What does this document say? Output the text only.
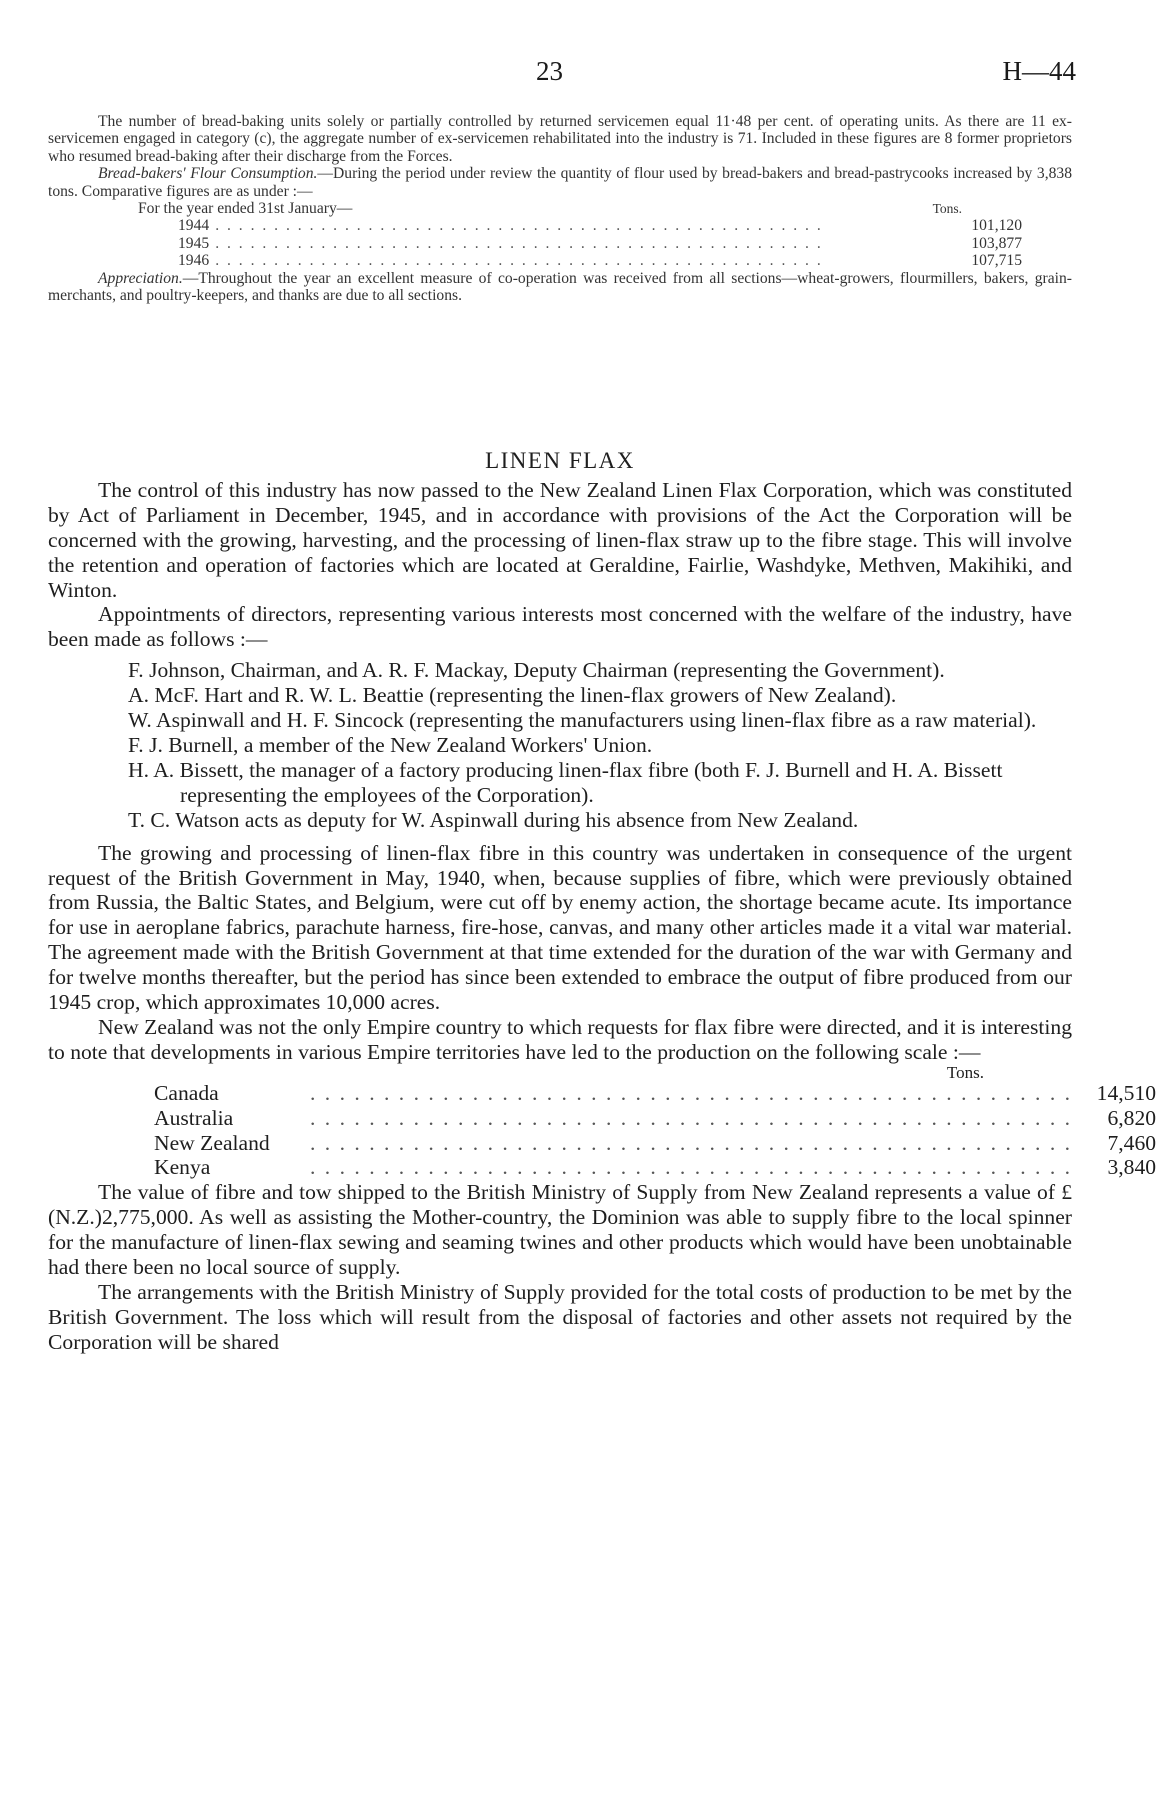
23	H—44

The number of bread-baking units solely or partially controlled by returned servicemen equal 11·48 per cent. of operating units. As there are 11 ex-servicemen engaged in category (c), the aggregate number of ex-servicemen rehabilitated into the industry is 71. Included in these figures are 8 former proprietors who resumed bread-baking after their discharge from the Forces.

Bread-bakers' Flour Consumption.—During the period under review the quantity of flour used by bread-bakers and bread-pastrycooks increased by 3,838 tons. Comparative figures are as under :—

For the year ended 31st January—	Tons.
1944 . . . . . . . . . . . . . . . . . . . . . . . . . . . . . . . . . . . . . . . . . . . . . . . . . . . .	101,120
1945 . . . . . . . . . . . . . . . . . . . . . . . . . . . . . . . . . . . . . . . . . . . . . . . . . . . .	103,877
1946 . . . . . . . . . . . . . . . . . . . . . . . . . . . . . . . . . . . . . . . . . . . . . . . . . . . .	107,715

Appreciation.—Throughout the year an excellent measure of co-operation was received from all sections—wheat-growers, flourmillers, bakers, grain-merchants, and poultry-keepers, and thanks are due to all sections.

LINEN FLAX

The control of this industry has now passed to the New Zealand Linen Flax Corporation, which was constituted by Act of Parliament in December, 1945, and in accordance with provisions of the Act the Corporation will be concerned with the growing, harvesting, and the processing of linen-flax straw up to the fibre stage. This will involve the retention and operation of factories which are located at Geraldine, Fairlie, Washdyke, Methven, Makihiki, and Winton.

Appointments of directors, representing various interests most concerned with the welfare of the industry, have been made as follows :—

F. Johnson, Chairman, and A. R. F. Mackay, Deputy Chairman (representing the Government).

A. McF. Hart and R. W. L. Beattie (representing the linen-flax growers of New Zealand).

W. Aspinwall and H. F. Sincock (representing the manufacturers using linen-flax fibre as a raw material).

F. J. Burnell, a member of the New Zealand Workers' Union.

H. A. Bissett, the manager of a factory producing linen-flax fibre (both F. J. Burnell and H. A. Bissett representing the employees of the Corporation).

T. C. Watson acts as deputy for W. Aspinwall during his absence from New Zealand.

The growing and processing of linen-flax fibre in this country was undertaken in consequence of the urgent request of the British Government in May, 1940, when, because supplies of fibre, which were previously obtained from Russia, the Baltic States, and Belgium, were cut off by enemy action, the shortage became acute. Its importance for use in aeroplane fabrics, parachute harness, fire-hose, canvas, and many other articles made it a vital war material. The agreement made with the British Government at that time extended for the duration of the war with Germany and for twelve months thereafter, but the period has since been extended to embrace the output of fibre produced from our 1945 crop, which approximates 10,000 acres.

New Zealand was not the only Empire country to which requests for flax fibre were directed, and it is interesting to note that developments in various Empire territories have led to the production on the following scale :—

Tons.
Canada	. . . . . . . . . . . . . . . . . . . . . . . . . . . . . . . . . . . . . . . . . . . . . . . . . . . .	14,510
Australia	. . . . . . . . . . . . . . . . . . . . . . . . . . . . . . . . . . . . . . . . . . . . . . . . . . . .	6,820
New Zealand	. . . . . . . . . . . . . . . . . . . . . . . . . . . . . . . . . . . . . . . . . . . . . . . . . . . .	7,460
Kenya	. . . . . . . . . . . . . . . . . . . . . . . . . . . . . . . . . . . . . . . . . . . . . . . . . . . .	3,840

The value of fibre and tow shipped to the British Ministry of Supply from New Zealand represents a value of £(N.Z.)2,775,000. As well as assisting the Mother-country, the Dominion was able to supply fibre to the local spinner for the manufacture of linen-flax sewing and seaming twines and other products which would have been unobtainable had there been no local source of supply.

The arrangements with the British Ministry of Supply provided for the total costs of production to be met by the British Government. The loss which will result from the disposal of factories and other assets not required by the Corporation will be shared
